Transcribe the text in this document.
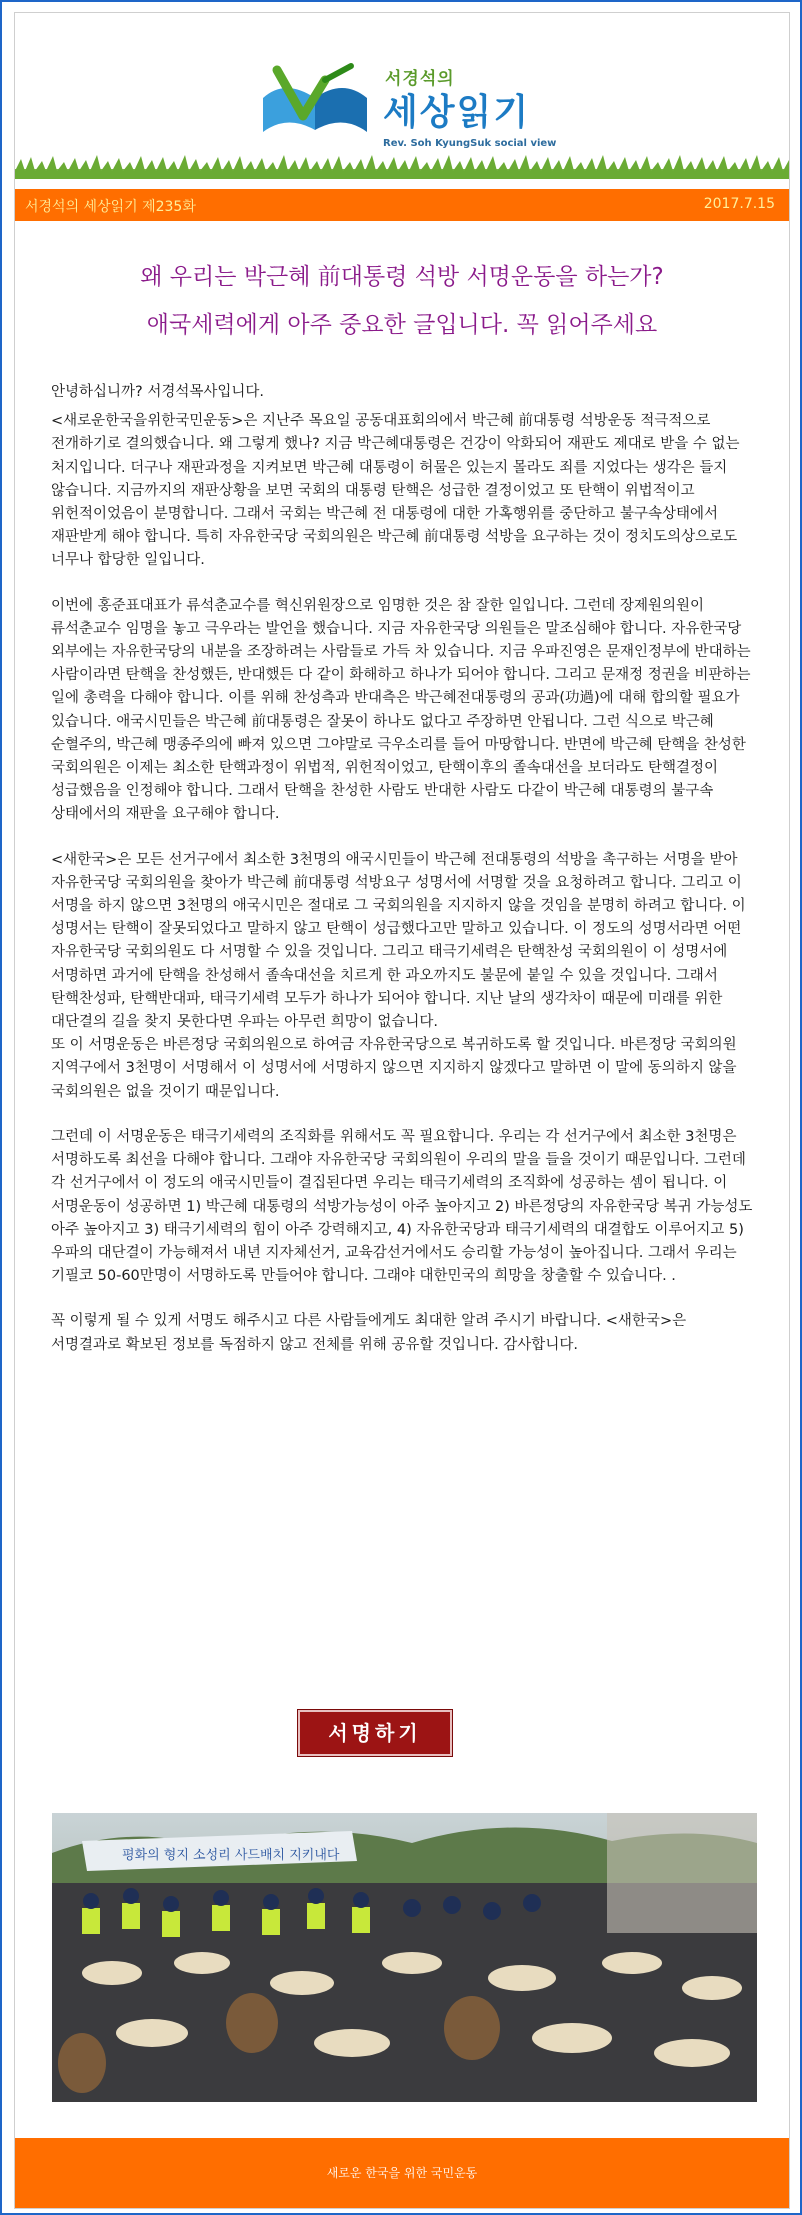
서경석의
세상읽기
Rev. Soh KyungSuk social view
서경석의 세상읽기 제235화	2017.7.15
왜 우리는 박근혜 前대통령 석방 서명운동을 하는가?
애국세력에게 아주 중요한 글입니다. 꼭 읽어주세요

안녕하십니까? 서경석목사입니다.

<새로운한국을위한국민운동>은 지난주 목요일 공동대표회의에서 박근혜 前대통령 석방운동 적극적으로 전개하기로 결의했습니다. 왜 그렇게 했나? 지금 박근혜대통령은 건강이 악화되어 재판도 제대로 받을 수 없는 처지입니다. 더구나 재판과정을 지켜보면 박근혜 대통령이 허물은 있는지 몰라도 죄를 지었다는 생각은 들지 않습니다. 지금까지의 재판상황을 보면 국회의 대통령 탄핵은 성급한 결정이었고 또 탄핵이 위법적이고 위헌적이었음이 분명합니다. 그래서 국회는 박근혜 전 대통령에 대한 가혹행위를 중단하고 불구속상태에서 재판받게 해야 합니다. 특히 자유한국당 국회의원은 박근혜 前대통령 석방을 요구하는 것이 정치도의상으로도 너무나 합당한 일입니다.

이번에 홍준표대표가 류석춘교수를 혁신위원장으로 임명한 것은 참 잘한 일입니다. 그런데 장제원의원이 류석춘교수 임명을 놓고 극우라는 발언을 했습니다. 지금 자유한국당 의원들은 말조심해야 합니다. 자유한국당 외부에는 자유한국당의 내분을 조장하려는 사람들로 가득 차 있습니다. 지금 우파진영은 문재인정부에 반대하는 사람이라면 탄핵을 찬성했든, 반대했든 다 같이 화해하고 하나가 되어야 합니다. 그리고 문재정 정권을 비판하는 일에 총력을 다해야 합니다. 이를 위해 찬성측과 반대측은 박근혜전대통령의 공과(功過)에 대해 합의할 필요가 있습니다. 애국시민들은 박근혜 前대통령은 잘못이 하나도 없다고 주장하면 안됩니다. 그런 식으로 박근혜 순혈주의, 박근혜 맹종주의에 빠져 있으면 그야말로 극우소리를 들어 마땅합니다. 반면에 박근혜 탄핵을 찬성한 국회의원은 이제는 최소한 탄핵과정이 위법적, 위헌적이었고, 탄핵이후의 졸속대선을 보더라도 탄핵결정이 성급했음을 인정해야 합니다. 그래서 탄핵을 찬성한 사람도 반대한 사람도 다같이 박근혜 대통령의 불구속 상태에서의 재판을 요구해야 합니다.

<새한국>은 모든 선거구에서 최소한 3천명의 애국시민들이 박근혜 전대통령의 석방을 촉구하는 서명을 받아 자유한국당 국회의원을 찾아가 박근혜 前대통령 석방요구 성명서에 서명할 것을 요청하려고 합니다. 그리고 이 서명을 하지 않으면 3천명의 애국시민은 절대로 그 국회의원을 지지하지 않을 것임을 분명히 하려고 합니다. 이 성명서는 탄핵이 잘못되었다고 말하지 않고 탄핵이 성급했다고만 말하고 있습니다. 이 정도의 성명서라면 어떤 자유한국당 국회의원도 다 서명할 수 있을 것입니다. 그리고 태극기세력은 탄핵찬성 국회의원이 이 성명서에 서명하면 과거에 탄핵을 찬성해서 졸속대선을 치르게 한 과오까지도 불문에 붙일 수 있을 것입니다. 그래서 탄핵찬성파, 탄핵반대파, 태극기세력 모두가 하나가 되어야 합니다. 지난 날의 생각차이 때문에 미래를 위한 대단결의 길을 찾지 못한다면 우파는 아무런 희망이 없습니다.

또 이 서명운동은 바른정당 국회의원으로 하여금 자유한국당으로 복귀하도록 할 것입니다. 바른정당 국회의원 지역구에서 3천명이 서명해서 이 성명서에 서명하지 않으면 지지하지 않겠다고 말하면 이 말에 동의하지 않을 국회의원은 없을 것이기 때문입니다.

그런데 이 서명운동은 태극기세력의 조직화를 위해서도 꼭 필요합니다. 우리는 각 선거구에서 최소한 3천명은 서명하도록 최선을 다해야 합니다. 그래야 자유한국당 국회의원이 우리의 말을 들을 것이기 때문입니다. 그런데 각 선거구에서 이 정도의 애국시민들이 결집된다면 우리는 태극기세력의 조직화에 성공하는 셈이 됩니다. 이 서명운동이 성공하면 1) 박근혜 대통령의 석방가능성이 아주 높아지고 2) 바른정당의 자유한국당 복귀 가능성도 아주 높아지고 3) 태극기세력의 힘이 아주 강력해지고, 4) 자유한국당과 태극기세력의 대결합도 이루어지고 5) 우파의 대단결이 가능해져서 내년 지자체선거, 교육감선거에서도 승리할 가능성이 높아집니다. 그래서 우리는 기필코 50-60만명이 서명하도록 만들어야 합니다. 그래야 대한민국의 희망을 창출할 수 있습니다. .

꼭 이렇게 될 수 있게 서명도 해주시고 다른 사람들에게도 최대한 알려 주시기 바랍니다. <새한국>은 서명결과로 확보된 정보를 독점하지 않고 전체를 위해 공유할 것입니다. 감사합니다.

서명하기
평화의 형지 소성리 사드배치 지키내다
새로운 한국을 위한 국민운동
